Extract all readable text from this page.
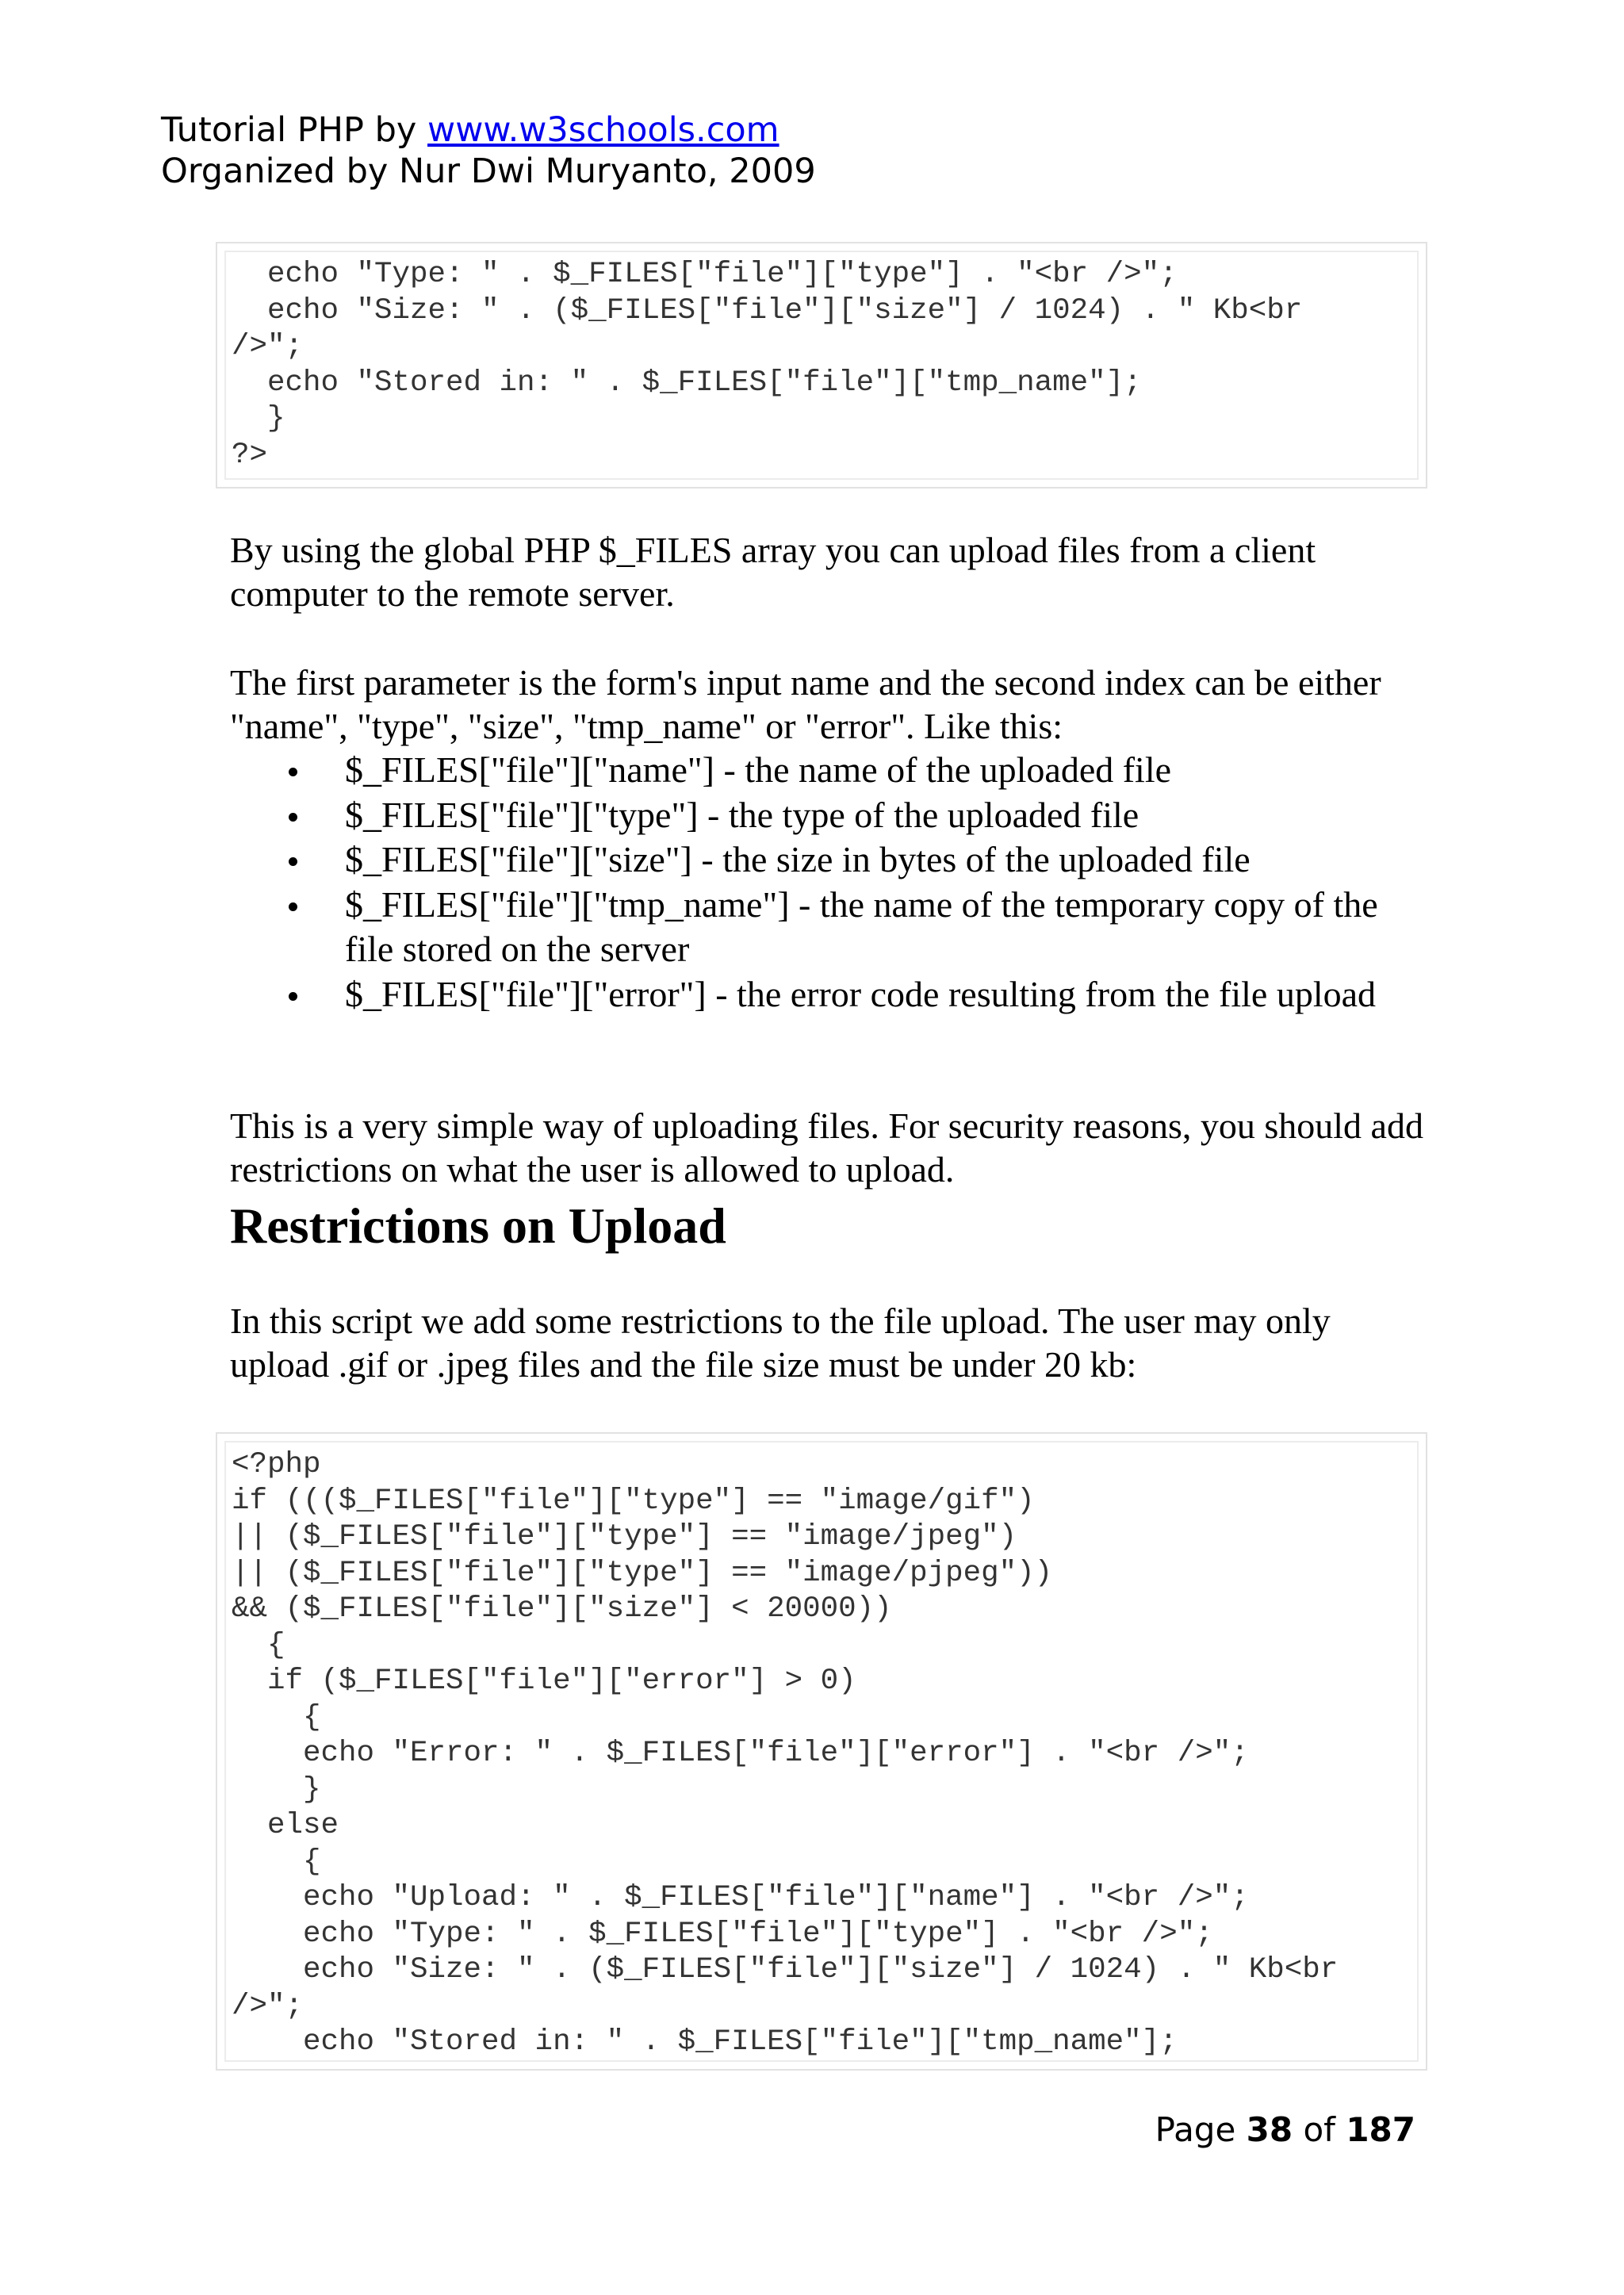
Tutorial PHP by www.w3schools.com
Organized by Nur Dwi Muryanto, 2009
echo "Type: " . $_FILES["file"]["type"] . "<br />";
echo "Size: " . ($_FILES["file"]["size"] / 1024) . " Kb<br
/>";
echo "Stored in: " . $_FILES["file"]["tmp_name"];
}
?>

By using the global PHP $_FILES array you can upload files from a client computer to the remote server.

The first parameter is the form's input name and the second index can be either "name", "type", "size", "tmp_name" or "error". Like this:

$_FILES["file"]["name"] - the name of the uploaded file
$_FILES["file"]["type"] - the type of the uploaded file
$_FILES["file"]["size"] - the size in bytes of the uploaded file
$_FILES["file"]["tmp_name"] - the name of the temporary copy of the file stored on the server
$_FILES["file"]["error"] - the error code resulting from the file upload

This is a very simple way of uploading files. For security reasons, you should add restrictions on what the user is allowed to upload.

Restrictions on Upload

In this script we add some restrictions to the file upload. The user may only upload .gif or .jpeg files and the file size must be under 20 kb:

<?php
if ((($_FILES["file"]["type"] == "image/gif")
|| ($_FILES["file"]["type"] == "image/jpeg")
|| ($_FILES["file"]["type"] == "image/pjpeg"))
&& ($_FILES["file"]["size"] < 20000))
{
if ($_FILES["file"]["error"] > 0)
{
echo "Error: " . $_FILES["file"]["error"] . "<br />";
}
else
{
echo "Upload: " . $_FILES["file"]["name"] . "<br />";
echo "Type: " . $_FILES["file"]["type"] . "<br />";
echo "Size: " . ($_FILES["file"]["size"] / 1024) . " Kb<br
/>";
echo "Stored in: " . $_FILES["file"]["tmp_name"];
Page 38 of 187
